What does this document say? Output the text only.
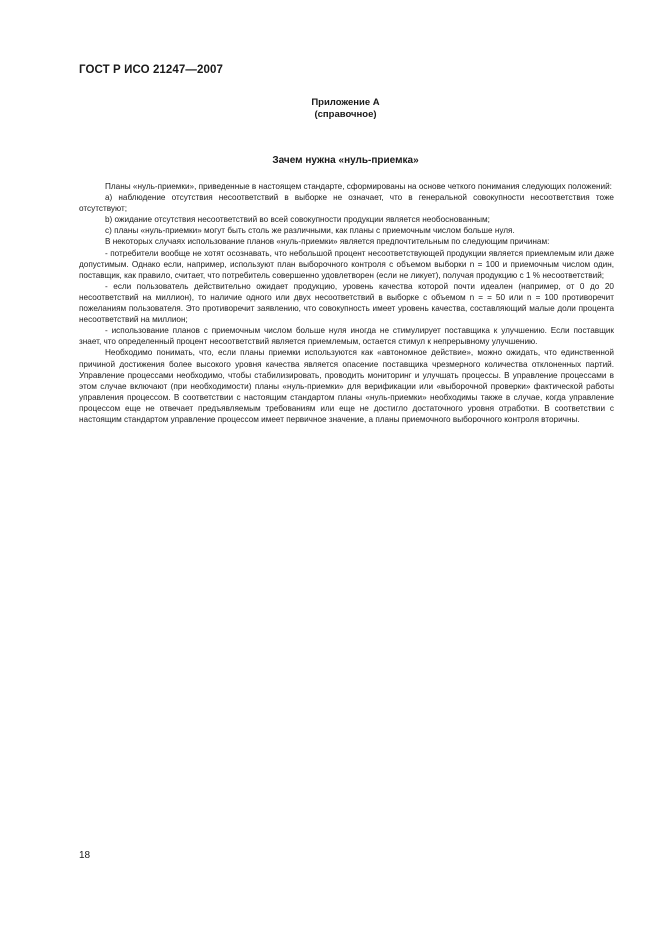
ГОСТ Р ИСО 21247—2007
Приложение А
(справочное)
Зачем нужна «нуль-приемка»

Планы «нуль-приемки», приведенные в настоящем стандарте, сформированы на основе четкого понимания следующих положений:

а) наблюдение отсутствия несоответствий в выборке не означает, что в генеральной совокупности несоответствия тоже отсутствуют;

b) ожидание отсутствия несоответствий во всей совокупности продукции является необоснованным;

с) планы «нуль-приемки» могут быть столь же различными, как планы с приемочным числом больше нуля.

В некоторых случаях использование планов «нуль-приемки» является предпочтительным по следующим причинам:

- потребители вообще не хотят осознавать, что небольшой процент несоответствующей продукции является приемлемым или даже допустимым. Однако если, например, используют план выборочного контроля с объемом выборки n = 100 и приемочным числом один, поставщик, как правило, считает, что потребитель совершенно удовлетворен (если не ликует), получая продукцию с 1 % несоответствий;

- если пользователь действительно ожидает продукцию, уровень качества которой почти идеален (например, от 0 до 20 несоответствий на миллион), то наличие одного или двух несоответствий в выборке с объемом n = = 50 или n = 100 противоречит пожеланиям пользователя. Это противоречит заявлению, что совокупность имеет уровень качества, составляющий малые доли процента несоответствий на миллион;

- использование планов с приемочным числом больше нуля иногда не стимулирует поставщика к улучшению. Если поставщик знает, что определенный процент несоответствий является приемлемым, остается стимул к непрерывному улучшению.

Необходимо понимать, что, если планы приемки используются как «автономное действие», можно ожидать, что единственной причиной достижения более высокого уровня качества является опасение поставщика чрезмерного количества отклоненных партий. Управление процессами необходимо, чтобы стабилизировать, проводить мониторинг и улучшать процессы. В управление процессами в этом случае включают (при необходимости) планы «нуль-приемки» для верификации или «выборочной проверки» фактической работы управления процессом. В соответствии с настоящим стандартом планы «нуль-приемки» необходимы также в случае, когда управление процессом еще не отвечает предъявляемым требованиям или еще не достигло достаточного уровня отработки. В соответствии с настоящим стандартом управление процессом имеет первичное значение, а планы приемочного выборочного контроля вторичны.

18
